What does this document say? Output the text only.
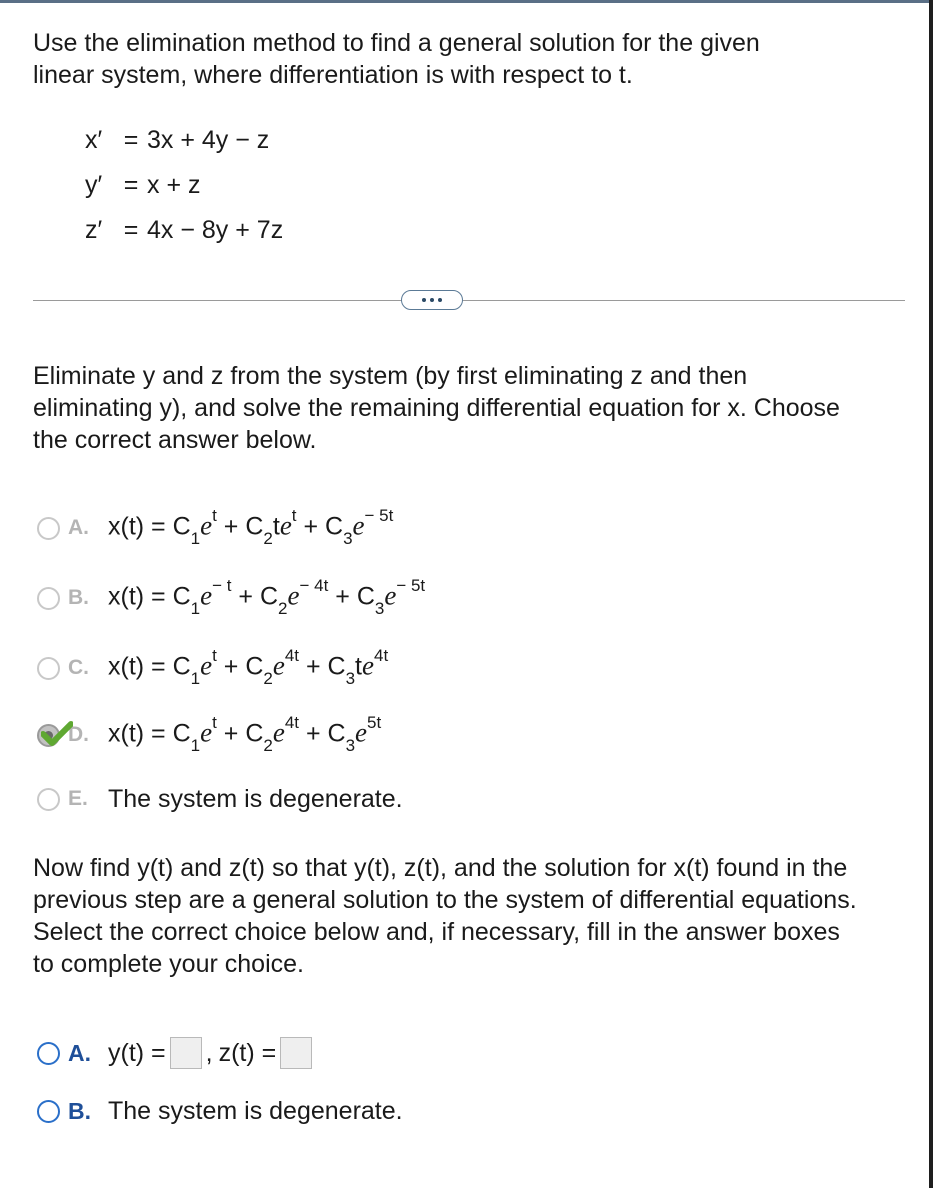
Use the elimination method to find a general solution for the given
linear system, where differentiation is with respect to t.
x′ = 3x + 4y − z
y′ = x + z
z′ = 4x − 8y + 7z
Eliminate y and z from the system (by first eliminating z and then
eliminating y), and solve the remaining differential equation for x. Choose
the correct answer below.
A. $x(t) = C_1e^t + C_2te^t + C_3e^{- 5t}$
B. $x(t) = C_1e^{- t} + C_2e^{- 4t} + C_3e^{- 5t}$
C. $x(t) = C_1e^t + C_2e^{4t} + C_3te^{4t}$
D. $x(t) = C_1e^t + C_2e^{4t} + C_3e^{5t}$
E. The system is degenerate.
Now find y(t) and z(t) so that y(t), z(t), and the solution for x(t) found in the
previous step are a general solution to the system of differential equations.
Select the correct choice below and, if necessary, fill in the answer boxes
to complete your choice.
A. y(t) = , z(t) =
B. The system is degenerate.
